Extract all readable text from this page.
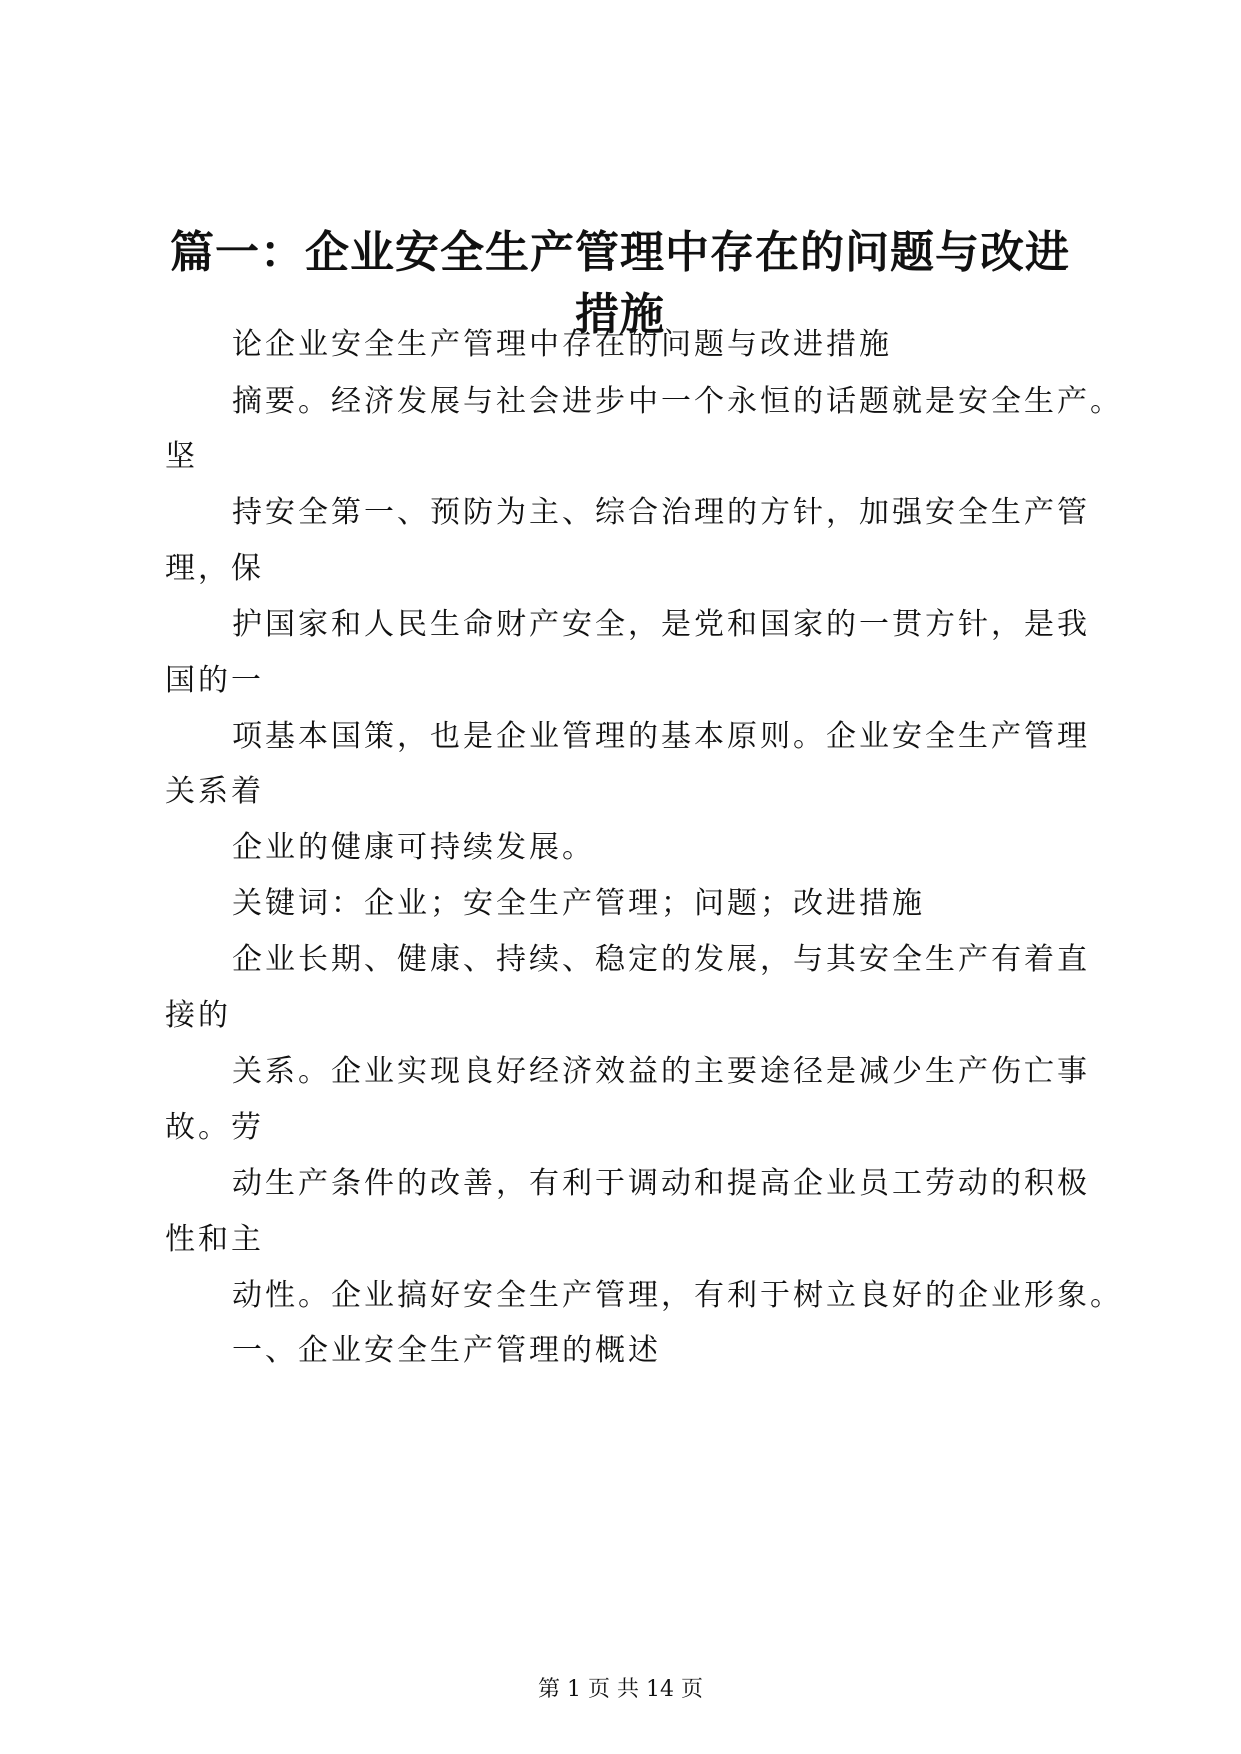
篇一：企业安全生产管理中存在的问题与改进
措施
论企业安全生产管理中存在的问题与改进措施
摘要。经济发展与社会进步中一个永恒的话题就是安全生产。
坚
持安全第一、预防为主、综合治理的方针，加强安全生产管
理，保
护国家和人民生命财产安全，是党和国家的一贯方针，是我
国的一
项基本国策，也是企业管理的基本原则。企业安全生产管理
关系着
企业的健康可持续发展。
关键词：企业；安全生产管理；问题；改进措施
企业长期、健康、持续、稳定的发展，与其安全生产有着直
接的
关系。企业实现良好经济效益的主要途径是减少生产伤亡事
故。劳
动生产条件的改善，有利于调动和提高企业员工劳动的积极
性和主
动性。企业搞好安全生产管理，有利于树立良好的企业形象。
一、企业安全生产管理的概述
第 1 页 共 14 页
